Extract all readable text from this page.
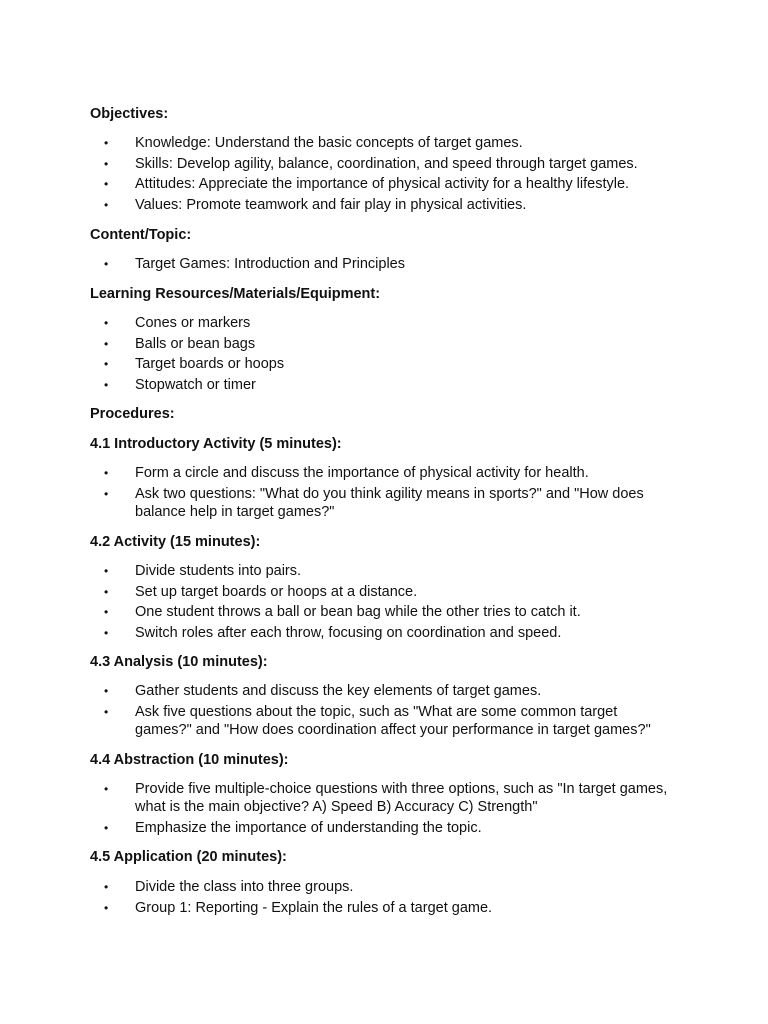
Objectives:
• Knowledge: Understand the basic concepts of target games.
• Skills: Develop agility, balance, coordination, and speed through target games.
• Attitudes: Appreciate the importance of physical activity for a healthy lifestyle.
• Values: Promote teamwork and fair play in physical activities.
Content/Topic:
• Target Games: Introduction and Principles
Learning Resources/Materials/Equipment:
• Cones or markers
• Balls or bean bags
• Target boards or hoops
• Stopwatch or timer
Procedures:
4.1 Introductory Activity (5 minutes):
• Form a circle and discuss the importance of physical activity for health.
• Ask two questions: "What do you think agility means in sports?" and "How does balance help in target games?"
4.2 Activity (15 minutes):
• Divide students into pairs.
• Set up target boards or hoops at a distance.
• One student throws a ball or bean bag while the other tries to catch it.
• Switch roles after each throw, focusing on coordination and speed.
4.3 Analysis (10 minutes):
• Gather students and discuss the key elements of target games.
• Ask five questions about the topic, such as "What are some common target games?" and "How does coordination affect your performance in target games?"
4.4 Abstraction (10 minutes):
• Provide five multiple-choice questions with three options, such as "In target games, what is the main objective? A) Speed B) Accuracy C) Strength"
• Emphasize the importance of understanding the topic.
4.5 Application (20 minutes):
• Divide the class into three groups.
• Group 1: Reporting - Explain the rules of a target game.
